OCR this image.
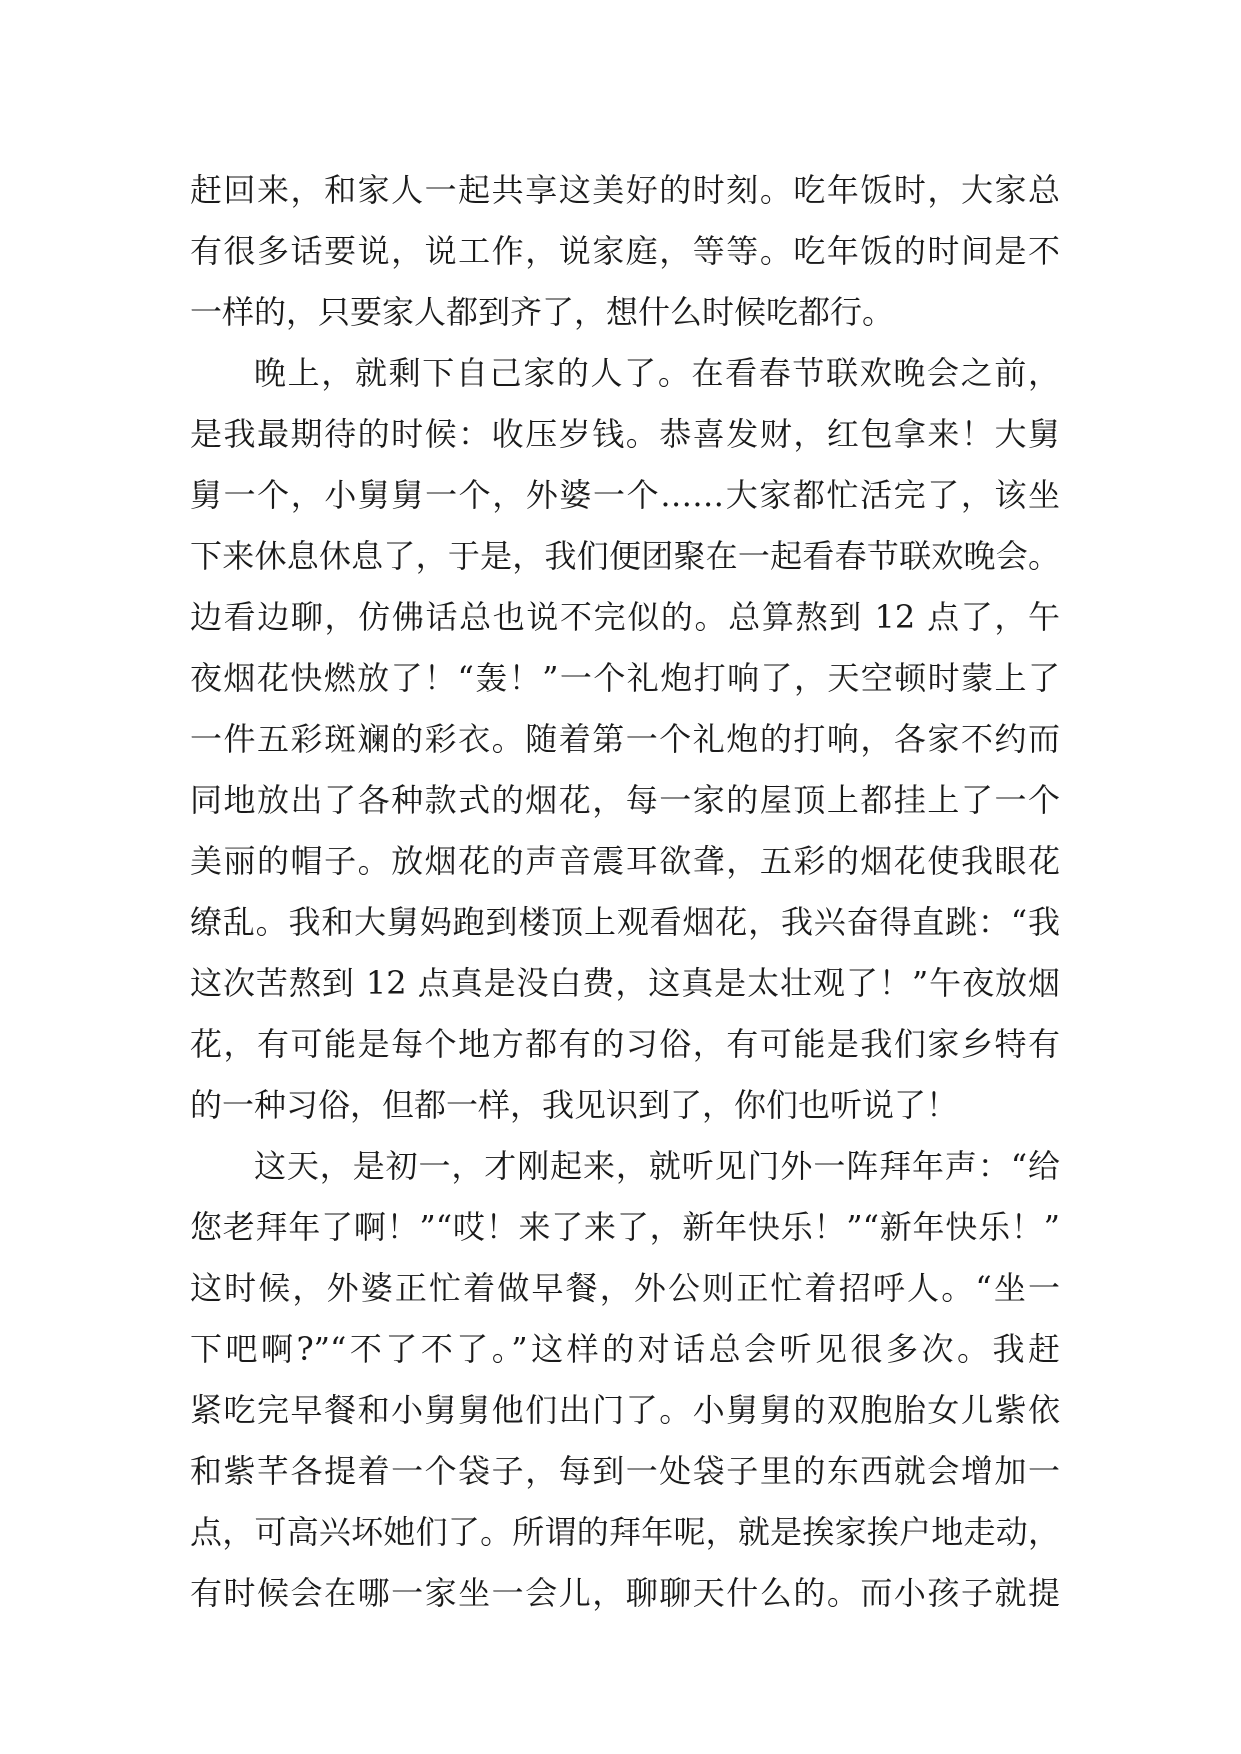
赶回来，和家人一起共享这美好的时刻。吃年饭时，大家总
有很多话要说，说工作，说家庭，等等。吃年饭的时间是不
一样的，只要家人都到齐了，想什么时候吃都行。
晚上，就剩下自己家的人了。在看春节联欢晚会之前，
是我最期待的时候：收压岁钱。恭喜发财，红包拿来！大舅
舅一个，小舅舅一个，外婆一个……大家都忙活完了，该坐
下来休息休息了，于是，我们便团聚在一起看春节联欢晚会。
边看边聊，仿佛话总也说不完似的。总算熬到 12 点了，午
夜烟花快燃放了！“轰！”一个礼炮打响了，天空顿时蒙上了
一件五彩斑斓的彩衣。随着第一个礼炮的打响，各家不约而
同地放出了各种款式的烟花，每一家的屋顶上都挂上了一个
美丽的帽子。放烟花的声音震耳欲聋，五彩的烟花使我眼花
缭乱。我和大舅妈跑到楼顶上观看烟花，我兴奋得直跳：“我
这次苦熬到 12 点真是没白费，这真是太壮观了！”午夜放烟
花，有可能是每个地方都有的习俗，有可能是我们家乡特有
的一种习俗，但都一样，我见识到了，你们也听说了！
这天，是初一，才刚起来，就听见门外一阵拜年声：“给
您老拜年了啊！”“哎！来了来了，新年快乐！”“新年快乐！”
这时候，外婆正忙着做早餐，外公则正忙着招呼人。“坐一
下吧啊?”“不了不了。”这样的对话总会听见很多次。我赶
紧吃完早餐和小舅舅他们出门了。小舅舅的双胞胎女儿紫依
和紫芊各提着一个袋子，每到一处袋子里的东西就会增加一
点，可高兴坏她们了。所谓的拜年呢，就是挨家挨户地走动，
有时候会在哪一家坐一会儿，聊聊天什么的。而小孩子就提
